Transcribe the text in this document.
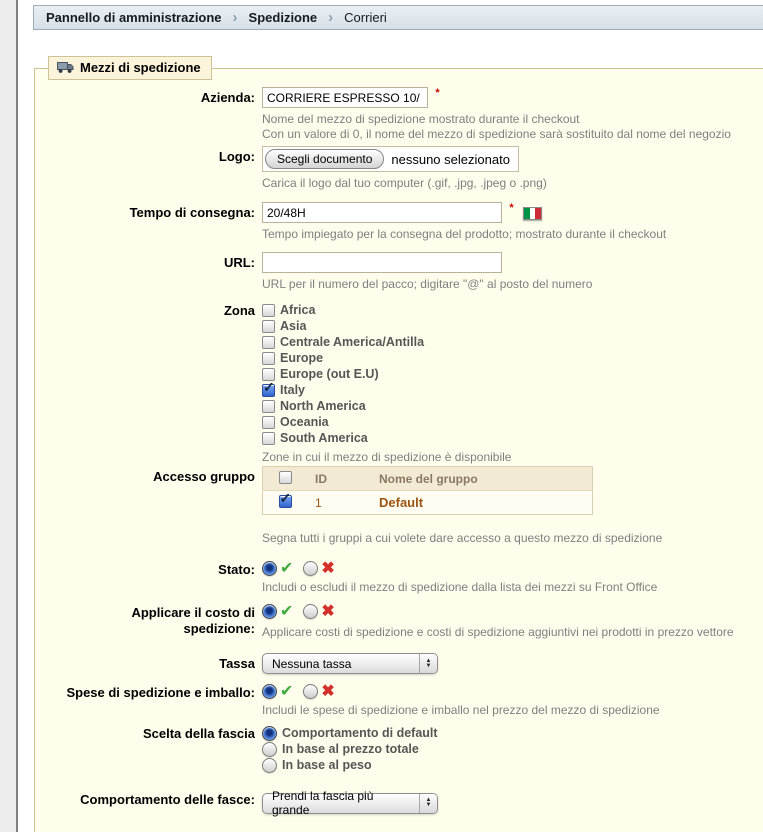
Pannello di amministrazione › Spedizione › Corrieri
Mezzi di spedizione
Azienda:
CORRIERE ESPRESSO 10/	*
Nome del mezzo di spedizione mostrato durante il checkout
Con un valore di 0, il nome del mezzo di spedizione sarà sostituito dal nome del negozio
Logo:	Scegli documento	nessuno selezionato
Carica il logo dal tuo computer (.gif, .jpg, .jpeg o .png)
Tempo di consegna:
20/48H	*
Tempo impiegato per la consegna del prodotto; mostrato durante il checkout
URL:
URL per il numero del pacco; digitare "@" al posto del numero
Zona	Africa
Asia
Centrale America/Antilla
Europe
Europe (out E.U)
✓
Italy
North America
Oceania
South America
Zone in cui il mezzo di spedizione è disponibile
Accesso gruppo
		ID	Nome del gruppo
✓	1	Default
Segna tutti i gruppi a cui volete dare accesso a questo mezzo di spedizione
Stato:	✔ ✖
Includi o escludi il mezzo di spedizione dalla lista dei mezzi su Front Office
Applicare il costo di spedizione:
✔ ✖
Applicare costi di spedizione e costi di spedizione aggiuntivi nei prodotti in prezzo vettore
Tassa	Nessuna tassa	▲
▼
Spese di spedizione e imballo:	✔ ✖
Includi le spese di spedizione e imballo nel prezzo del mezzo di spedizione
Scelta della fascia	Comportamento di default
In base al prezzo totale
In base al peso
Comportamento delle fasce:	Prendi la fascia più grande
▲
▼
